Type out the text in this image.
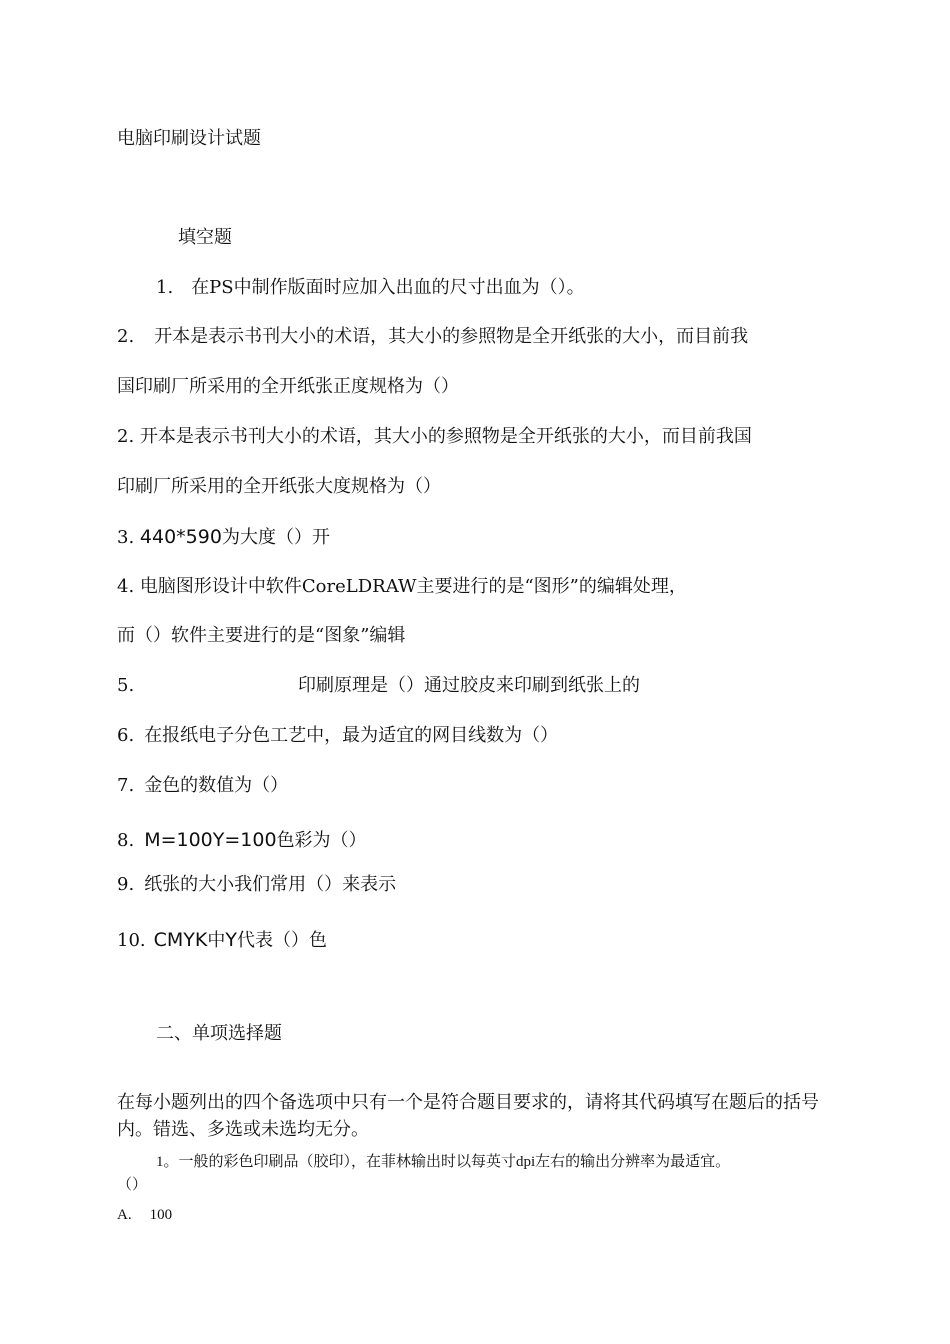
电脑印刷设计试题
填空题
1. 在PS中制作版面时应加入出血的尺寸出血为（）。
2. 开本是表示书刊大小的术语，其大小的参照物是全开纸张的大小，而目前我
国印刷厂所采用的全开纸张正度规格为（）
2. 开本是表示书刊大小的术语，其大小的参照物是全开纸张的大小，而目前我国
印刷厂所采用的全开纸张大度规格为（）
3. 440*590为大度（）开
4. 电脑图形设计中软件CoreLDRAW主要进行的是“图形”的编辑处理，
而（）软件主要进行的是“图象”编辑
5.	印刷原理是（）通过胶皮来印刷到纸张上的
6. 在报纸电子分色工艺中，最为适宜的网目线数为（）
7. 金色的数值为（）
8. M=100Y=100色彩为（）
9. 纸张的大小我们常用（）来表示
10. CMYK中Y代表（）色
二、单项选择题
在每小题列出的四个备选项中只有一个是符合题目要求的，请将其代码填写在题后的括号内。错选、多选或未选均无分。
1。一般的彩色印刷品（胶印），在菲林输出时以每英寸dpi左右的输出分辨率为最适宜。
（）
A. 100
